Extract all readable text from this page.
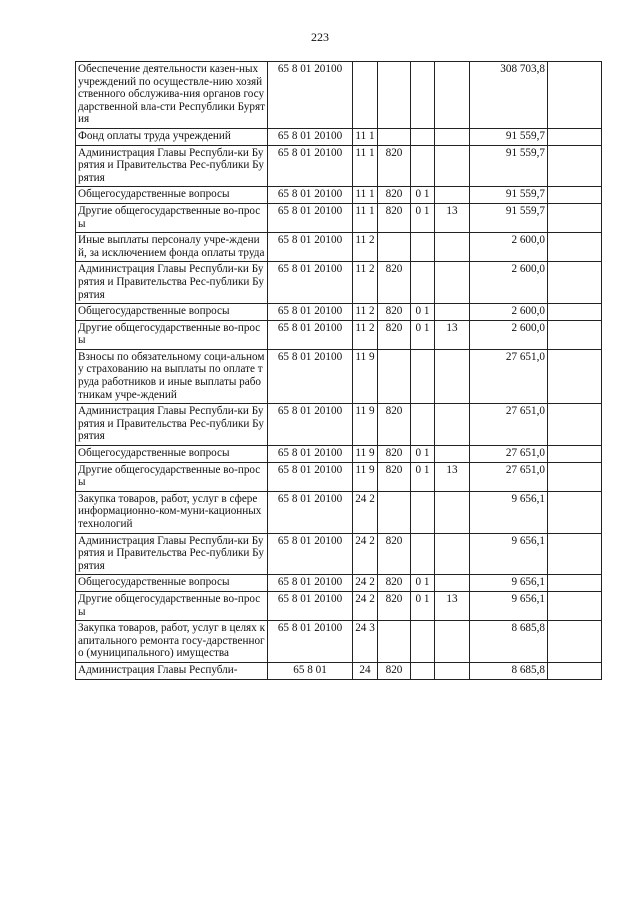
223
Обеспечение деятельности казен-ных учреждений по осуществле-нию хозяйственного обслужива-ния органов государственной вла-сти Республики Бурятия	65 8 01 20100					308 703,8	
Фонд оплаты труда учреждений	65 8 01 20100	11 1				91 559,7	
Администрация Главы Республи-ки Бурятия и Правительства Рес-публики Бурятия	65 8 01 20100	11 1	820			91 559,7	
Общегосударственные вопросы	65 8 01 20100	11 1	820	0 1		91 559,7	
Другие общегосударственные во-просы	65 8 01 20100	11 1	820	0 1	13	91 559,7	
Иные выплаты персоналу учре-ждений, за исключением фонда оплаты труда	65 8 01 20100	11 2				2 600,0	
Администрация Главы Республи-ки Бурятия и Правительства Рес-публики Бурятия	65 8 01 20100	11 2	820			2 600,0	
Общегосударственные вопросы	65 8 01 20100	11 2	820	0 1		2 600,0	
Другие общегосударственные во-просы	65 8 01 20100	11 2	820	0 1	13	2 600,0	
Взносы по обязательному соци-альному страхованию на выплаты по оплате труда работников и иные выплаты работникам учре-ждений	65 8 01 20100	11 9				27 651,0	
Администрация Главы Республи-ки Бурятия и Правительства Рес-публики Бурятия	65 8 01 20100	11 9	820			27 651,0	
Общегосударственные вопросы	65 8 01 20100	11 9	820	0 1		27 651,0	
Другие общегосударственные во-просы	65 8 01 20100	11 9	820	0 1	13	27 651,0	
Закупка товаров, работ, услуг в сфере информационно-ком-муни-кационных технологий	65 8 01 20100	24 2				9 656,1	
Администрация Главы Республи-ки Бурятия и Правительства Рес-публики Бурятия	65 8 01 20100	24 2	820			9 656,1	
Общегосударственные вопросы	65 8 01 20100	24 2	820	0 1		9 656,1	
Другие общегосударственные во-просы	65 8 01 20100	24 2	820	0 1	13	9 656,1	
Закупка товаров, работ, услуг в целях капитального ремонта госу-дарственного (муниципального) имущества	65 8 01 20100	24 3				8 685,8	
Администрация Главы Республи-	65 8 01	24	820			8 685,8	
